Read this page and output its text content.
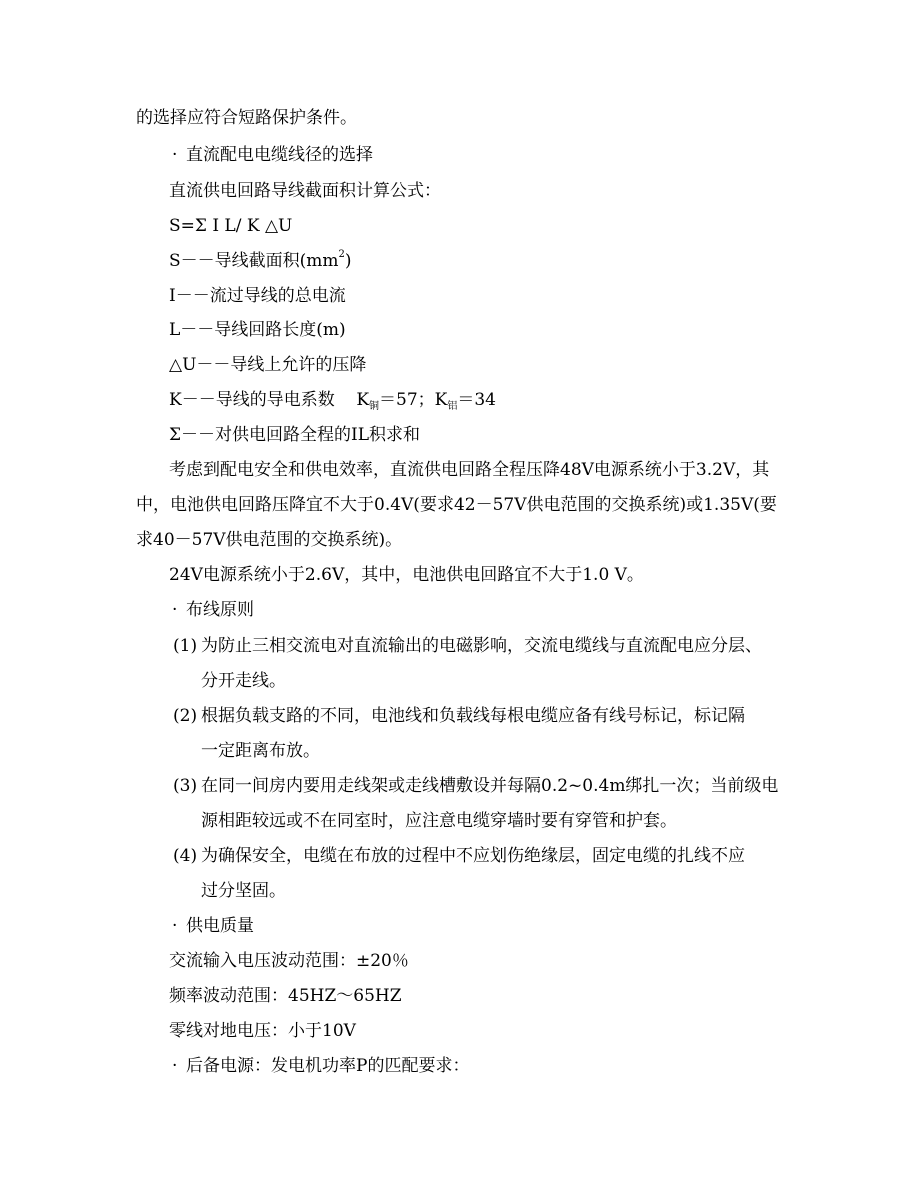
的选择应符合短路保护条件。
· 直流配电电缆线径的选择
直流供电回路导线截面积计算公式：
S=Σ I L/ K △U
S－－导线截面积$(mm^2)$
I－－流过导线的总电流
L－－导线回路长度(m)
△U－－导线上允许的压降
K－－导线的导电系数    $K_铜=57$；$K_铝=34$
Σ－－对供电回路全程的IL积求和
考虑到配电安全和供电效率，直流供电回路全程压降48V电源系统小于3.2V，其
中，电池供电回路压降宜不大于0.4V(要求42－57V供电范围的交换系统)或1.35V(要
求40－57V供电范围的交换系统)。
24V电源系统小于2.6V，其中，电池供电回路宜不大于1.0 V。
· 布线原则
(1) 为防止三相交流电对直流输出的电磁影响，交流电缆线与直流配电应分层、
分开走线。
(2) 根据负载支路的不同，电池线和负载线每根电缆应备有线号标记，标记隔
一定距离布放。
(3) 在同一间房内要用走线架或走线槽敷设并每隔0.2~0.4m绑扎一次；当前级电
源相距较远或不在同室时，应注意电缆穿墙时要有穿管和护套。
(4) 为确保安全，电缆在布放的过程中不应划伤绝缘层，固定电缆的扎线不应
过分坚固。
· 供电质量
交流输入电压波动范围：±20％
频率波动范围：45HZ～65HZ
零线对地电压：小于10V
· 后备电源：发电机功率P的匹配要求：
